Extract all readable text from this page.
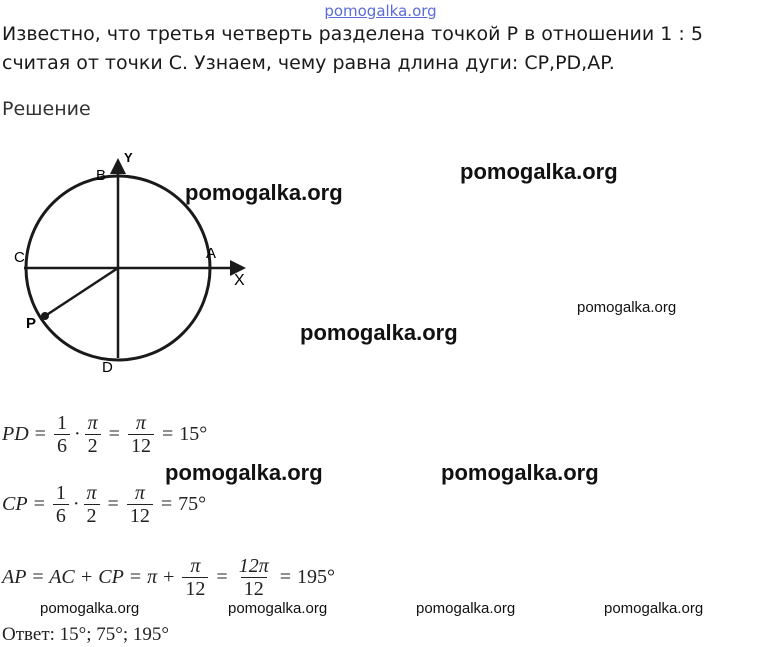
pomogalka.org
Известно, что третья четверть разделена точкой P в отношении 1 : 5 считая от точки C. Узнаем, чему равна длина дуги: CP,PD,AP.
Решение
Y
X
A
B
C
D
P
pomogalka.org
pomogalka.org
pomogalka.org
pomogalka.org
pomogalka.org	pomogalka.org
PD = $\frac{1}{6} \cdot \frac{\pi}{2} = \frac{\pi}{12} = 15^\circ$
CP = $\frac{1}{6} \cdot \frac{\pi}{2} = \frac{\pi}{12} = 75^\circ$
AP = AC + CP = $\pi + \frac{\pi}{12} = \frac{12\pi}{12} = 195^\circ$
pomogalka.org	pomogalka.org	pomogalka.org	pomogalka.org
Ответ: 15°; 75°; 195°
